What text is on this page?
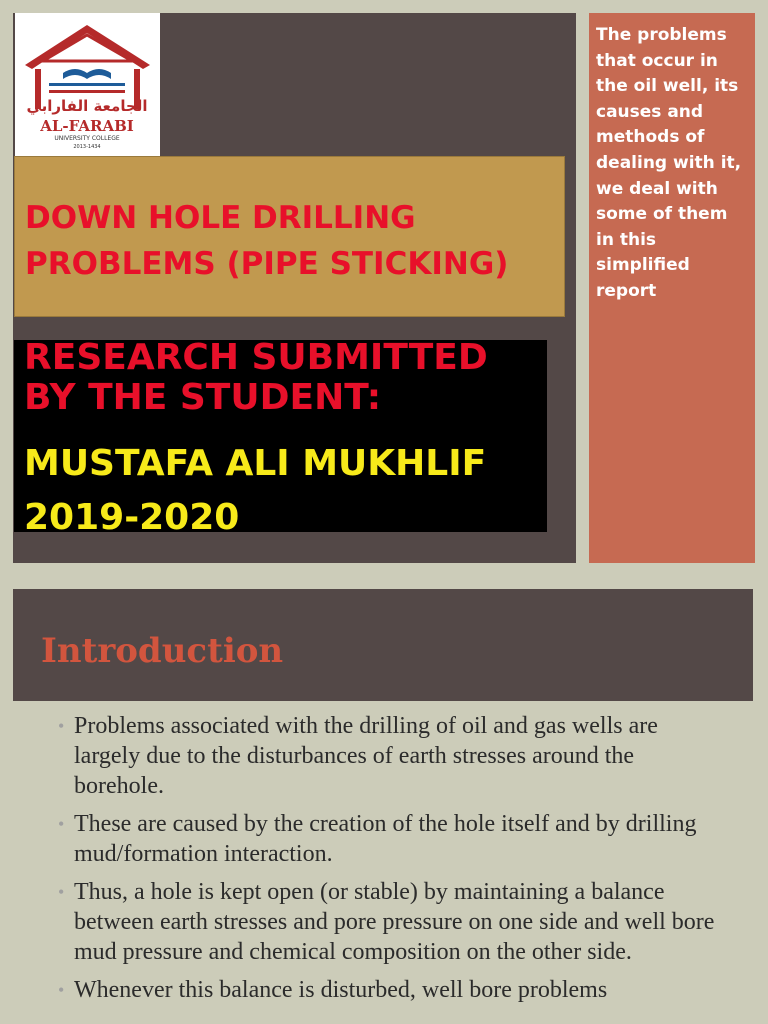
الجامعة الفارابي
AL-FARABI
UNIVERSITY COLLEGE
2013-1434
DOWN HOLE DRILLING
PROBLEMS (PIPE STICKING)
RESEARCH SUBMITTED
BY THE STUDENT:
MUSTAFA ALI MUKHLIF
2019-2020
The problems that occur in the oil well, its causes and methods of dealing with it, we deal with some of them in this simplified report
Introduction
• Problems associated with the drilling of oil and gas wells are largely due to the disturbances of earth stresses around the borehole.
• These are caused by the creation of the hole itself and by drilling mud/formation interaction.
• Thus, a hole is kept open (or stable) by maintaining a balance between earth stresses and pore pressure on one side and well bore mud pressure and chemical composition on the other side.
• Whenever this balance is disturbed, well bore problems
